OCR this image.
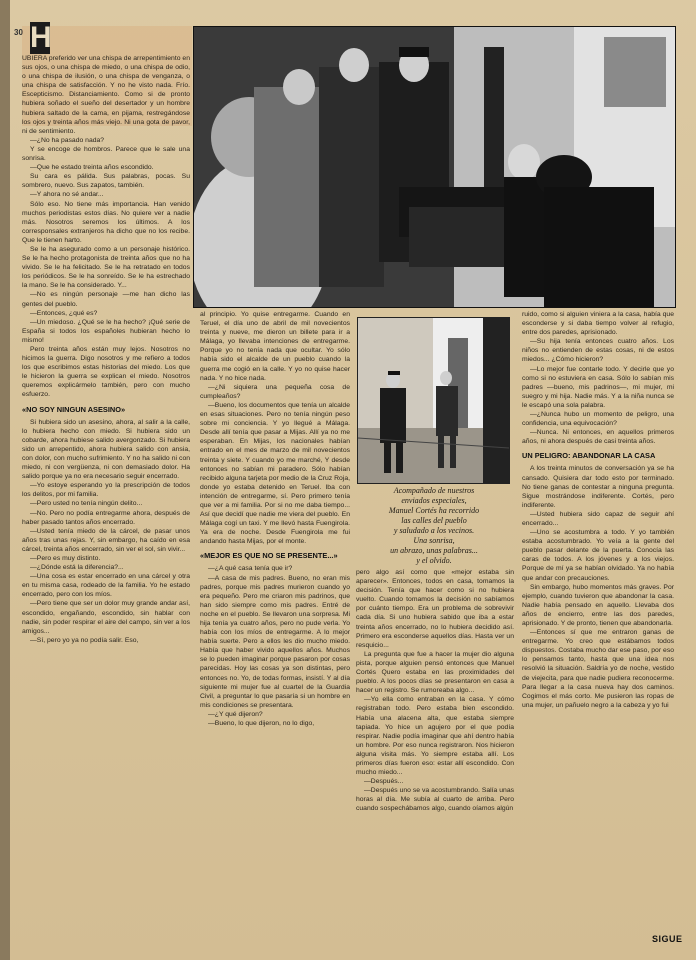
30 H

UBIERA preferido ver una chispa de arrepentimiento en sus ojos, o una chispa de miedo, o una chispa de odio, o una chispa de ilusión, o una chispa de venganza, o una chispa de satisfacción. Y no he visto nada. Frío. Escepticismo. Distanciamiento. Como si de pronto hubiera soñado el sueño del desertador y un hombre hubiera saltado de la cama, en pijama, restregándose los ojos y treinta años más viejo. Ni una gota de pavor, ni de sentimiento.

—¿No ha pasado nada?

Y se encoge de hombros. Parece que le sale una sonrisa.

—Que he estado treinta años escondido.

Su cara es pálida. Sus palabras, pocas. Su sombrero, nuevo. Sus zapatos, también.

—Y ahora no sé andar...

Sólo eso. No tiene más importancia. Han venido muchos periodistas estos días. No quiere ver a nadie más. Nosotros seremos los últimos. A los corresponsales extranjeros ha dicho que no los recibe. Que le tienen harto.

Se le ha asegurado como a un personaje histórico. Se le ha hecho protagonista de treinta años que no ha vivido. Se le ha felicitado. Se le ha retratado en todos los periódicos. Se le ha sonreído. Se le ha estrechado la mano. Se le ha considerado. Y...

—No es ningún personaje —me han dicho las gentes del pueblo.

—Entonces, ¿qué es?

—Un miedoso. ¿Qué se le ha hecho? ¡Qué serie de España si todos los españoles hubieran hecho lo mismo!

Pero treinta años están muy lejos. Nosotros no hicimos la guerra. Digo nosotros y me refiero a todos los que escribimos estas historias del miedo. Los que le hicieron la guerra se explican el miedo. Nosotros queremos explicármelo también, pero con mucho esfuerzo.

«NO SOY NINGUN ASESINO»

Si hubiera sido un asesino, ahora, al salir a la calle, lo hubiera hecho con miedo. Si hubiera sido un cobarde, ahora hubiese salido avergonzado. Si hubiera sido un arrepentido, ahora hubiera salido con ansia, con dolor, con mucho sufrimiento. Y no ha salido ni con miedo, ni con vergüenza, ni con demasiado dolor. Ha salido porque ya no era necesario seguir encerrado.

—Yo estoye esperando yo la prescripción de todos los delitos, por mi familia.

—Pero usted no tenía ningún delito...

—No. Pero no podía entregarme ahora, después de haber pasado tantos años encerrado.

—Usted tenía miedo de la cárcel, de pasar unos años tras unas rejas. Y, sin embargo, ha caído en esa cárcel, treinta años encerrado, sin ver el sol, sin vivir...

—Pero es muy distinto.

—¿Dónde está la diferencia?...

—Una cosa es estar encerrado en una cárcel y otra en tu misma casa, rodeado de la familia. Yo he estado encerrado, pero con los míos.

—Pero tiene que ser un dolor muy grande andar así, escondido, engañando, escondido, sin hablar con nadie, sin poder respirar el aire del campo, sin ver a los amigos...

—Sí, pero yo ya no podía salir. Eso,

al principio. Yo quise entregarme. Cuando en Teruel, el día uno de abril de mil novecientos treinta y nueve, me dieron un billete para ir a Málaga, yo llevaba intenciones de entregarme. Porque yo no tenía nada que ocultar. Yo sólo había sido el alcalde de un pueblo cuando la guerra me cogió en la calle. Y yo no quise hacer nada. Y no hice nada.

—¿Ni siquiera una pequeña cosa de cumpleaños?

—Bueno, los documentos que tenía un alcalde en esas situaciones. Pero no tenía ningún peso sobre mi conciencia. Y yo llegué a Málaga. Desde allí tenía que pasar a Mijas. Allí ya no me esperaban. En Mijas, los nacionales habían entrado en el mes de marzo de mil novecientos treinta y siete. Y cuando yo me marché, Y desde entonces no sabían mi paradero. Sólo habían recibido alguna tarjeta por medio de la Cruz Roja, donde yo estaba detenido en Teruel. Iba con intención de entregarme, sí. Pero primero tenía que ver a mi familia. Por si no me daba tiempo... Así que decidí que nadie me viera del pueblo. En Málaga cogí un taxi. Y me llevó hasta Fuengirola. Ya era de noche. Desde Fuengirola me fui andando hasta Mijas, por el monte.

«MEJOR ES QUE NO SE PRESENTE...»

—¿A qué casa tenía que ir?

—A casa de mis padres. Bueno, no eran mis padres, porque mis padres murieron cuando yo era pequeño. Pero me criaron mis padrinos, que han sido siempre como mis padres. Entré de noche en el pueblo. Se llevaron una sorpresa. Mi hija tenía ya cuatro años, pero no pude verla. Yo había con los míos de entregarme. A lo mejor había suerte. Pero a ellos les dio mucho miedo. Había que haber vivido aquellos años. Muchos se lo pueden imaginar porque pasaron por cosas parecidas. Hoy las cosas ya son distintas, pero entonces no. Yo, de todas formas, insistí. Y al día siguiente mi mujer fue al cuartel de la Guardia Civil, a preguntar lo que pasaría si un hombre en mis condiciones se presentara.

—¿Y qué dijeron?

—Bueno, lo que dijeron, no lo digo,

Acompañado de nuestros
enviados especiales,
Manuel Cortés ha recorrido
las calles del pueblo
y saludado a los vecinos.
Una sonrisa,
un abrazo, unas palabras...
y el olvido.

pero algo así como que «mejor estaba sin aparecer». Entonces, todos en casa, tomamos la decisión. Tenía que hacer como si no hubiera vuelto. Cuando tomamos la decisión no sabíamos por cuánto tiempo. Era un problema de sobrevivir cada día. Si uno hubiera sabido que iba a estar treinta años encerrado, no lo hubiera decidido así. Primero era esconderse aquellos días. Hasta ver un resquicio...

La pregunta que fue a hacer la mujer dio alguna pista, porque alguien pensó entonces que Manuel Cortés Quero estaba en las proximidades del pueblo. A los pocos días se presentaron en casa a hacer un registro. Se rumoreaba algo...

—Yo ella como entraban en la casa. Y cómo registraban todo. Pero estaba bien escondido. Había una alacena alta, que estaba siempre tapiada. Yo hice un agujero por el que podía respirar. Nadie podía imaginar que ahí dentro había un hombre. Por eso nunca registraron. Nos hicieron alguna visita más. Yo siempre estaba allí. Los primeros días fueron eso: estar allí escondido. Con mucho miedo...

—Después...

—Después uno se va acostumbrando. Salía unas horas al día. Me subía al cuarto de arriba. Pero cuando sospechábamos algo, cuando oíamos algún

ruido, como si alguien viniera a la casa, había que esconderse y si daba tiempo volver al refugio, entre dos paredes, aprisionado.

—Su hija tenía entonces cuatro años. Los niños no entienden de estas cosas, ni de estos miedos... ¿Cómo hicieron?

—Lo mejor fue contarle todo. Y decirle que yo como si no estuviera en casa. Sólo lo sabían mis padres —bueno, mis padrinos—, mi mujer, mi suegro y mi hija. Nadie más. Y a la niña nunca se le escapó una sola palabra.

—¿Nunca hubo un momento de peligro, una confidencia, una equivocación?

—Nunca. Ni entonces, en aquellos primeros años, ni ahora después de casi treinta años.

UN PELIGRO: ABANDONAR LA CASA

A los treinta minutos de conversación ya se ha cansado. Quisiera dar todo esto por terminado. No tiene ganas de contestar a ninguna pregunta. Sigue mostrándose indiferente. Cortés, pero indiferente.

—Usted hubiera sido capaz de seguir ahí encerrado...

—Uno se acostumbra a todo. Y yo también estaba acostumbrado. Yo veía a la gente del pueblo pasar delante de la puerta. Conocía las caras de todos. A los jóvenes y a los viejos. Porque de mí ya se habían olvidado. Ya no había que andar con precauciones.

Sin embargo, hubo momentos más graves. Por ejemplo, cuando tuvieron que abandonar la casa. Nadie había pensado en aquello. Llevaba dos años de encierro, entre las dos paredes, aprisionado. Y de pronto, tienen que abandonarla.

—Entonces sí que me entraron ganas de entregarme. Yo creo que estábamos todos dispuestos. Costaba mucho dar ese paso, por eso lo pensamos tanto, hasta que una idea nos resolvió la situación. Saldría yo de noche, vestido de viejecita, para que nadie pudiera reconocerme. Para llegar a la casa nueva hay dos caminos. Cogimos el más corto. Me pusieron las ropas de una mujer, un pañuelo negro a la cabeza y yo fui

SIGUE
